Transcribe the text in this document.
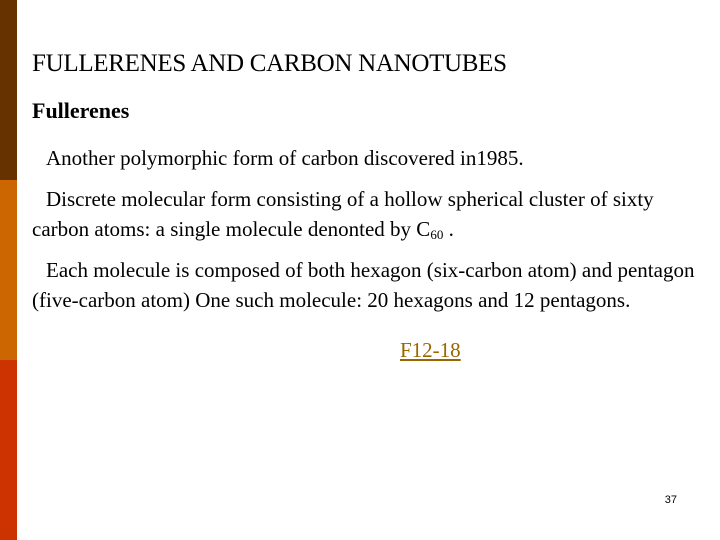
FULLERENES AND CARBON NANOTUBES
Fullerenes
Another polymorphic form of carbon discovered in1985.
Discrete molecular form consisting of a hollow spherical cluster of sixty carbon atoms: a single molecule denonted by $C_{60}$ .
Each molecule is composed of both hexagon (six-carbon atom) and pentagon (five-carbon atom) One such molecule: 20 hexagons and 12 pentagons.
F12-18
37
